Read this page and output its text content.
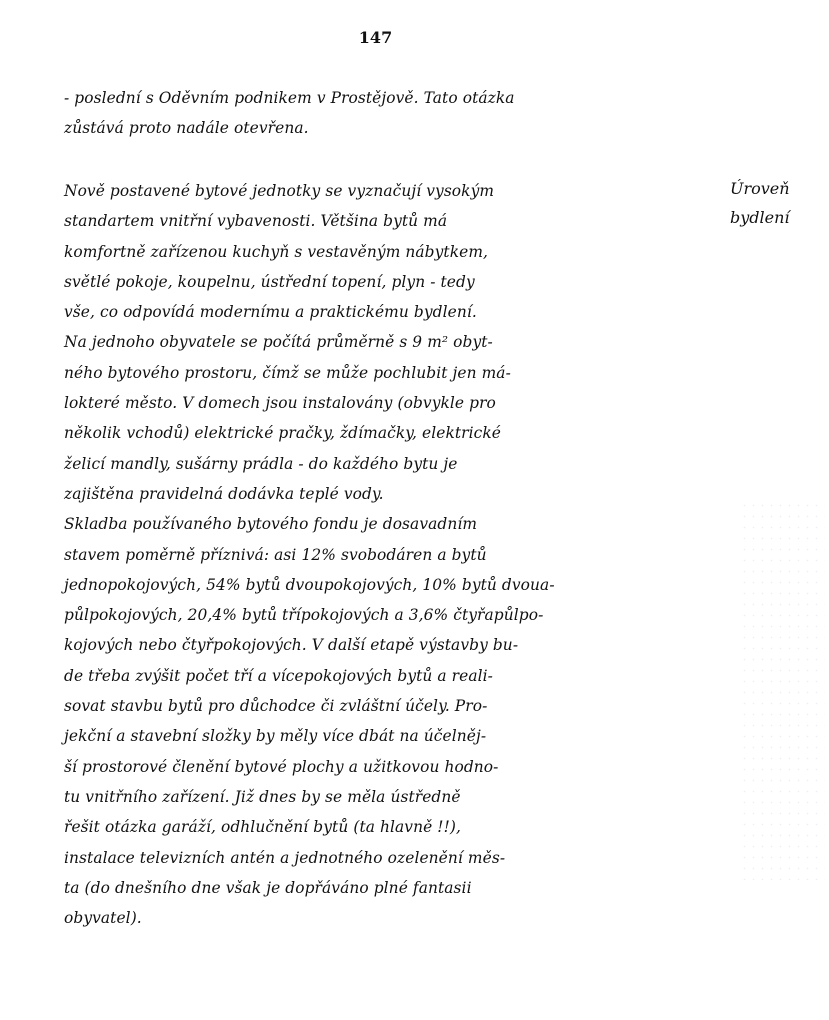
147
Úroveň
bydlení
- poslední s Oděvním podnikem v Prostějově. Tato otázka
zůstává proto nadále otevřena.
Nově postavené bytové jednotky se vyznačují vysokým
standartem vnitřní vybavenosti. Většina bytů má
komfortně zařízenou kuchyň s vestavěným nábytkem,
světlé pokoje, koupelnu, ústřední topení, plyn - tedy
vše, co odpovídá modernímu a praktickému bydlení.
Na jednoho obyvatele se počítá průměrně s 9 m² obyt-
ného bytového prostoru, čímž se může pochlubit jen má-
lokteré město. V domech jsou instalovány (obvykle pro
několik vchodů) elektrické pračky, ždímačky, elektrické
želicí mandly, sušárny prádla - do každého bytu je
zajištěna pravidelná dodávka teplé vody.
Skladba používaného bytového fondu je dosavadním
stavem poměrně příznivá: asi 12% svobodáren a bytů
jednopokojových, 54% bytů dvoupokojových, 10% bytů dvoua-
půlpokojových, 20,4% bytů třípokojových a 3,6% čtyřapůlpo-
kojových nebo čtyřpokojových. V další etapě výstavby bu-
de třeba zvýšit počet tří a vícepokojových bytů a reali-
sovat stavbu bytů pro důchodce či zvláštní účely. Pro-
jekční a stavební složky by měly více dbát na účelněj-
ší prostorové členění bytové plochy a užitkovou hodno-
tu vnitřního zařízení. Již dnes by se měla ústředně
řešit otázka garáží, odhlučnění bytů (ta hlavně !!),
instalace televizních antén a jednotného ozelenění měs-
ta (do dnešního dne však je dopřáváno plné fantasii
obyvatel).
